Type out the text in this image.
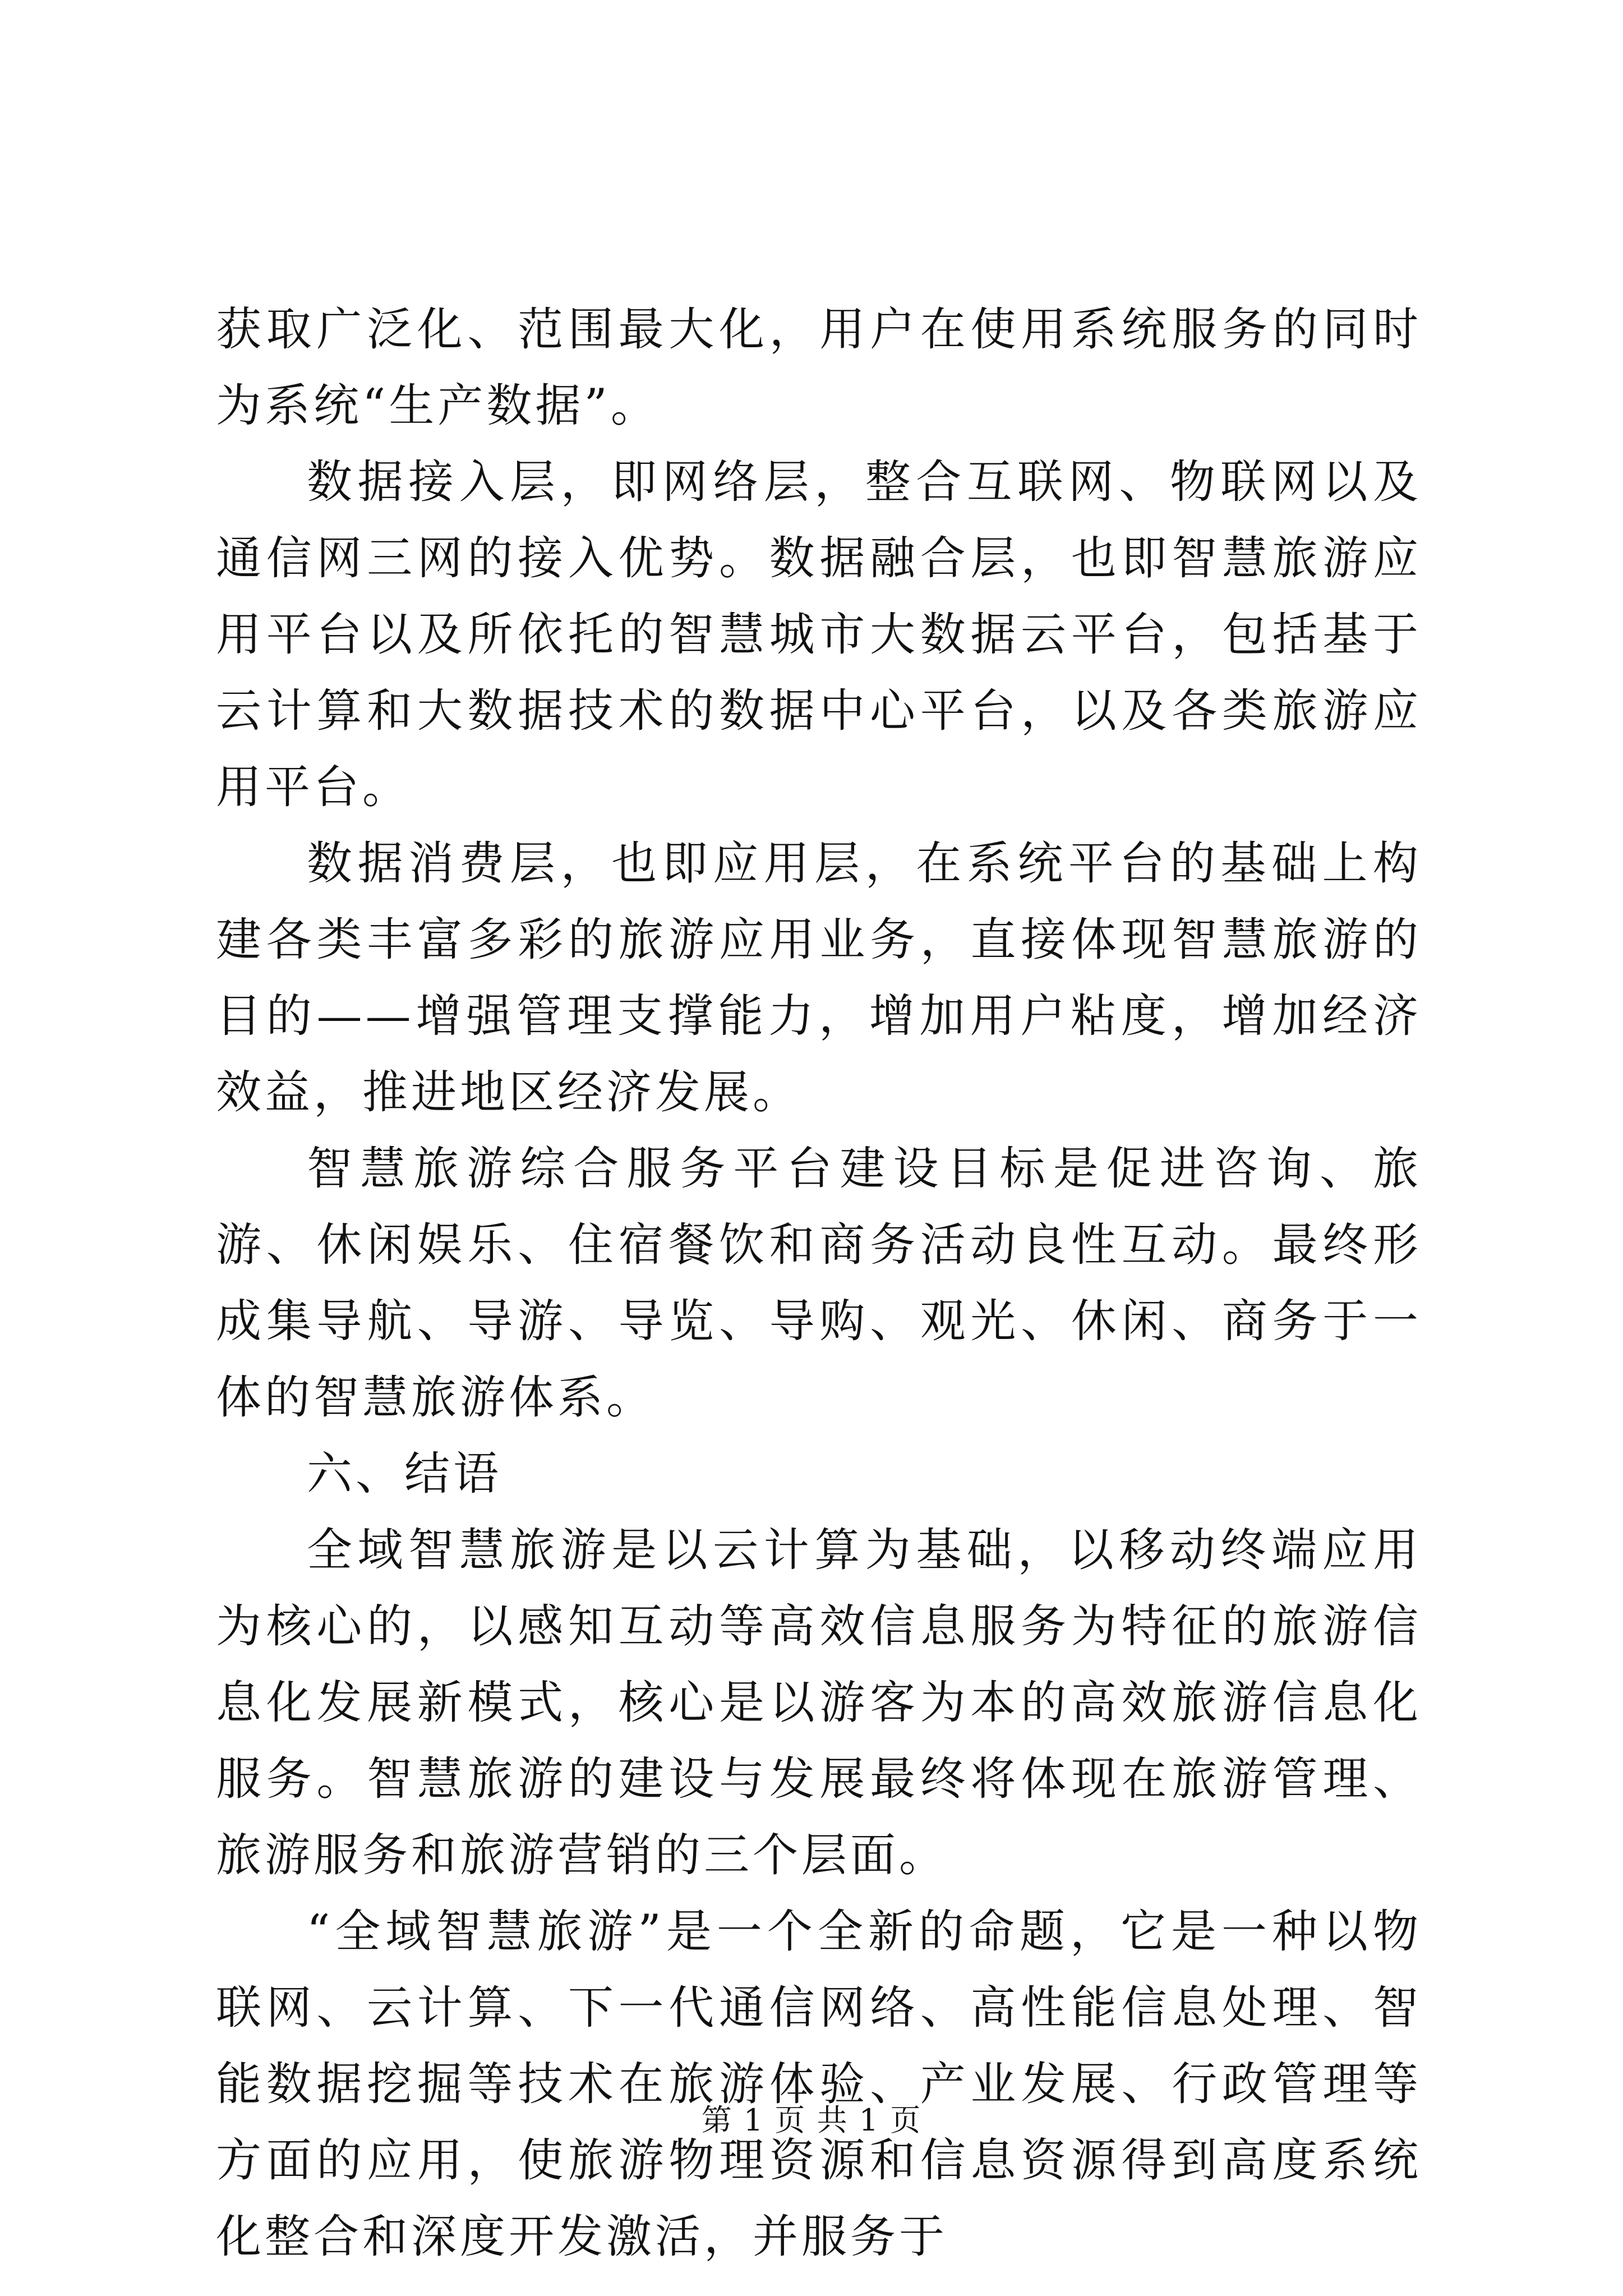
获取广泛化、范围最大化，用户在使用系统服务的同时为系统“生产数据”。

数据接入层，即网络层，整合互联网、物联网以及通信网三网的接入优势。数据融合层，也即智慧旅游应用平台以及所依托的智慧城市大数据云平台，包括基于云计算和大数据技术的数据中心平台，以及各类旅游应用平台。

数据消费层，也即应用层，在系统平台的基础上构建各类丰富多彩的旅游应用业务，直接体现智慧旅游的目的——增强管理支撑能力，增加用户粘度，增加经济效益，推进地区经济发展。

智慧旅游综合服务平台建设目标是促进咨询、旅游、休闲娱乐、住宿餐饮和商务活动良性互动。最终形成集导航、导游、导览、导购、观光、休闲、商务于一体的智慧旅游体系。

六、结语

全域智慧旅游是以云计算为基础，以移动终端应用为核心的，以感知互动等高效信息服务为特征的旅游信息化发展新模式，核心是以游客为本的高效旅游信息化服务。智慧旅游的建设与发展最终将体现在旅游管理、旅游服务和旅游营销的三个层面。

“全域智慧旅游”是一个全新的命题，它是一种以物联网、云计算、下一代通信网络、高性能信息处理、智能数据挖掘等技术在旅游体验、产业发展、行政管理等方面的应用，使旅游物理资源和信息资源得到高度系统化整合和深度开发激活，并服务于

第 1 页 共 1 页
